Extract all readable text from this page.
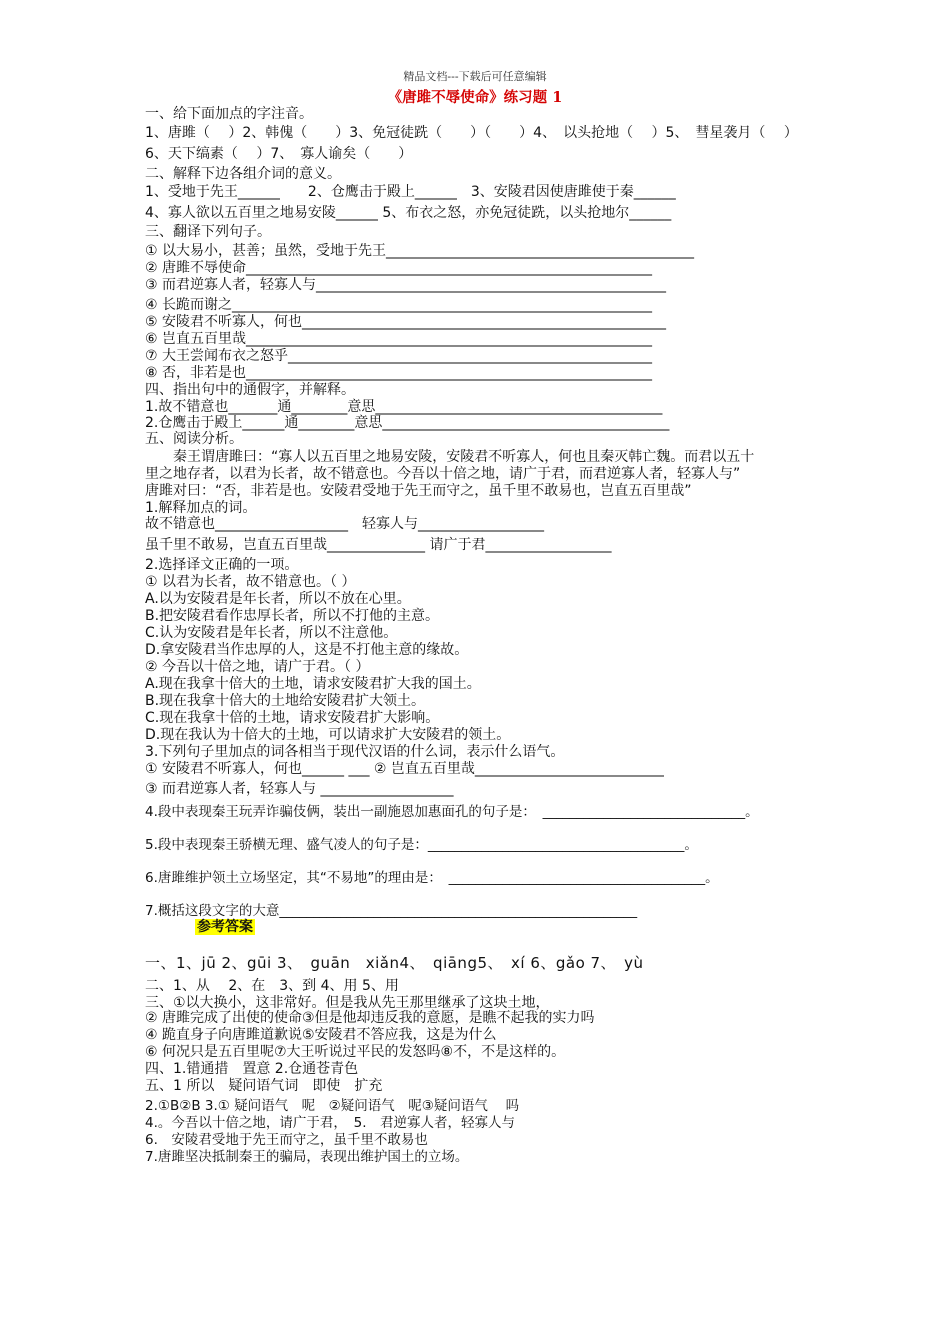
精品文档---下载后可任意编辑
《唐雎不辱使命》练习题 1
一、给下面加点的字注音。
1、唐雎（　 ）2、韩傀（　　）3、免冠徒跣（　　）（　　）4、　以头抢地（　 ）5、　彗星袭月（　 ）
6、天下缟素（　 ）7、　寡人谕矣（　　）
二、解释下边各组介词的意义。
1、受地于先王______　　2、仓鹰击于殿上______　3、安陵君因使唐雎使于秦______
4、寡人欲以五百里之地易安陵______ 5、布衣之怒，亦免冠徒跣，以头抢地尔______
三、翻译下列句子。
① 以大易小，甚善；虽然，受地于先王____________________________________________
② 唐雎不辱使命__________________________________________________________
③ 而君逆寡人者，轻寡人与__________________________________________________
④ 长跪而谢之____________________________________________________________
⑤ 安陵君不听寡人，何也____________________________________________________
⑥ 岂直五百里哉__________________________________________________________
⑦ 大王尝闻布衣之怒乎____________________________________________________
⑧ 否，非若是也__________________________________________________________
四、指出句中的通假字，并解释。
1.故不错意也_______通________意思_________________________________________
2.仓鹰击于殿上______通________意思_________________________________________
五、阅读分析。
　　秦王谓唐雎曰：“寡人以五百里之地易安陵，安陵君不听寡人，何也且秦灭韩亡魏。而君以五十
里之地存者，以君为长者，故不错意也。今吾以十倍之地，请广于君，而君逆寡人者，轻寡人与”
唐雎对曰：“否，非若是也。安陵君受地于先王而守之，虽千里不敢易也，岂直五百里哉”
1.解释加点的词。
故不错意也___________________　轻寡人与__________________
虽千里不敢易，岂直五百里哉______________ 请广于君__________________
2.选择译文正确的一项。
① 以君为长者，故不错意也。（ ）
A.以为安陵君是年长者，所以不放在心里。
B.把安陵君看作忠厚长者，所以不打他的主意。
C.认为安陵君是年长者，所以不注意他。
D.拿安陵君当作忠厚的人，这是不打他主意的缘故。
② 今吾以十倍之地，请广于君。（ ）
A.现在我拿十倍大的土地，请求安陵君扩大我的国土。
B.现在我拿十倍大的土地给安陵君扩大领土。
C.现在我拿十倍的土地，请求安陵君扩大影响。
D.现在我认为十倍大的土地，可以请求扩大安陵君的领土。
3.下列句子里加点的词各相当于现代汉语的什么词，表示什么语气。
① 安陵君不听寡人，何也______ ___ ② 岂直五百里哉___________________________
③ 而君逆寡人者，轻寡人与 ___________________
4.段中表现秦王玩弄诈骗伎俩，装出一副施恩加惠面孔的句子是：　______________________________。
5.段中表现秦王骄横无理、盛气凌人的句子是：______________________________________。
6.唐雎维护领土立场坚定，其“不易地”的理由是：　______________________________________。
7.概括这段文字的大意_____________________________________________________
参考答案
一、1、jū 2、gūi 3、　guān　xiǎn4、　qiāng5、　xí 6、gǎo 7、　yù
二、1、从　 2、在　3、到 4、用 5、用
三、①以大换小，这非常好。但是我从先王那里继承了这块土地，
② 唐雎完成了出使的使命③但是他却违反我的意愿，是瞧不起我的实力吗
④ 跪直身子向唐雎道歉说⑤安陵君不答应我，这是为什么
⑥ 何况只是五百里呢⑦大王听说过平民的发怒吗⑧不，不是这样的。
四、1.错通措　置意 2.仓通苍青色
五、1 所以　疑问语气词　即使　扩充
2.①B②B 3.① 疑问语气　呢　②疑问语气　呢③疑问语气　 吗
4.。今吾以十倍之地，请广于君，　5.　君逆寡人者，轻寡人与
6.　安陵君受地于先王而守之，虽千里不敢易也
7.唐雎坚决抵制秦王的骗局，表现出维护国土的立场。
